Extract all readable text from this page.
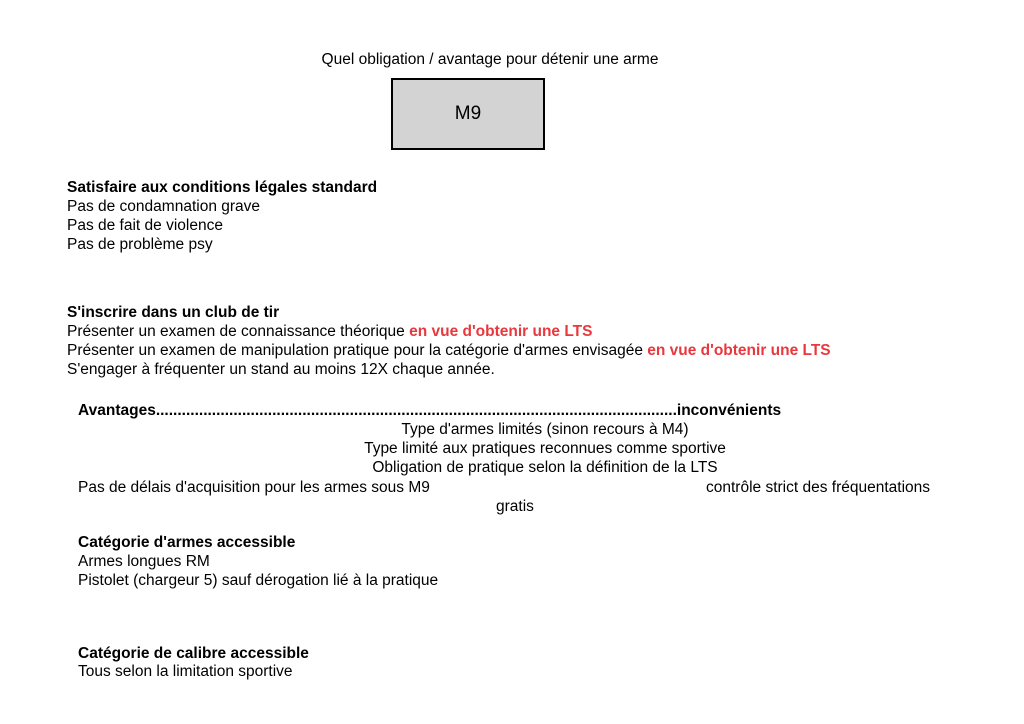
Quel obligation / avantage pour détenir une arme
M9
Satisfaire aux conditions légales standard
Pas de condamnation grave
Pas de fait de violence
Pas de problème psy
S'inscrire dans un club de tir
Présenter un examen de connaissance théorique en vue d'obtenir une LTS
Présenter un examen de manipulation pratique pour la catégorie d'armes envisagée en vue d'obtenir une LTS
S'engager à fréquenter un stand au moins 12X chaque année.
Avantages.........................................................................................................................inconvénients
Type d'armes limités (sinon recours à M4)
Type limité aux pratiques reconnues comme sportive
Obligation de pratique selon la définition de la LTS
Pas de délais d'acquisition pour les armes sous M9	contrôle strict des fréquentations
gratis
Catégorie d'armes accessible
Armes longues RM
Pistolet (chargeur 5) sauf dérogation lié à la pratique
Catégorie de calibre accessible
Tous selon la limitation sportive
